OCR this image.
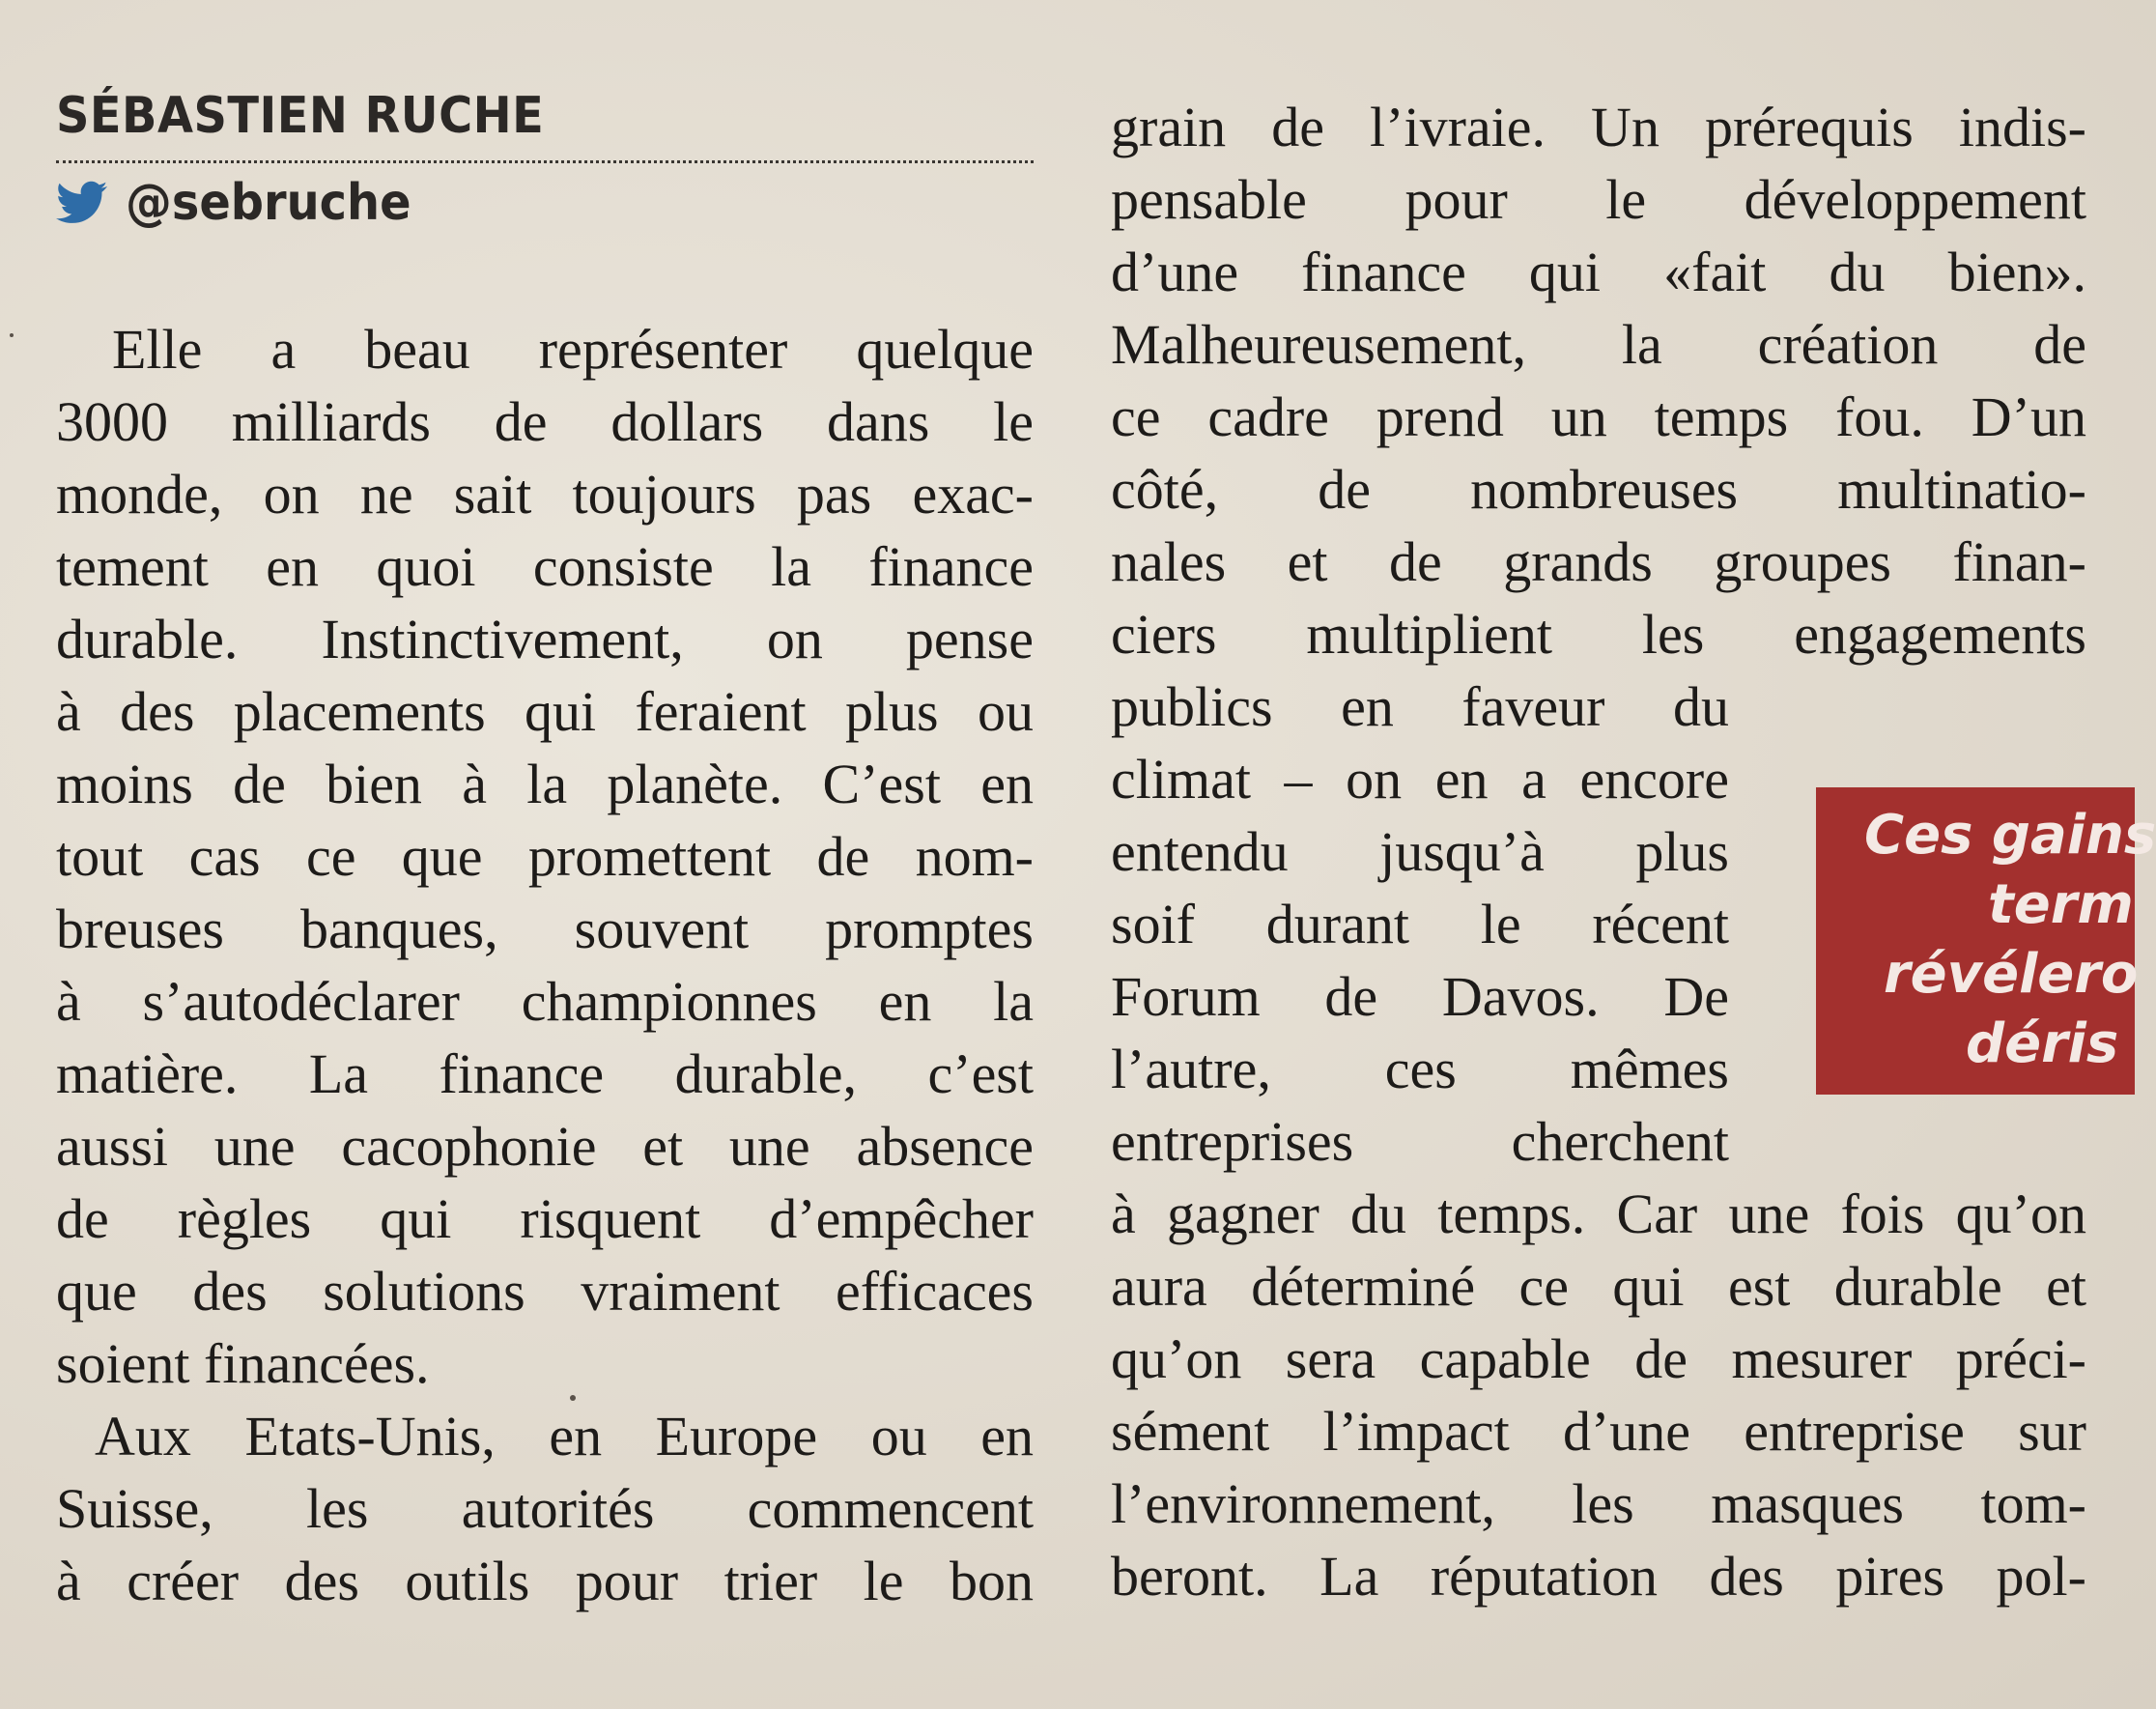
SÉBASTIEN RUCHE
@sebruche
Elle a beau représenter quelque
3000 milliards de dollars dans le
monde, on ne sait toujours pas exac-
tement en quoi consiste la finance
durable. Instinctivement, on pense
à des placements qui feraient plus ou
moins de bien à la planète. C’est en
tout cas ce que promettent de nom-
breuses banques, souvent promptes
à s’autodéclarer championnes en la
matière. La finance durable, c’est
aussi une cacophonie et une absence
de règles qui risquent d’empêcher
que des solutions vraiment efficaces
soient financées.
Aux Etats-Unis, en Europe ou en
Suisse, les autorités commencent
à créer des outils pour trier le bon
grain de l’ivraie. Un prérequis indis-
pensable pour le développement
d’une finance qui «fait du bien».
Malheureusement, la création de
ce cadre prend un temps fou. D’un
côté, de nombreuses multinatio-
nales et de grands groupes finan-
ciers multiplient les engagements
publics en faveur du
climat – on en a encore
entendu jusqu’à plus
soif durant le récent
Forum de Davos. De
l’autre, ces mêmes
entreprises cherchent
à gagner du temps. Car une fois qu’on
aura déterminé ce qui est durable et
qu’on sera capable de mesurer préci-
sément l’impact d’une entreprise sur
l’environnement, les masques tom-
beront. La réputation des pires pol-
Ces gains
term
révélero
déris
